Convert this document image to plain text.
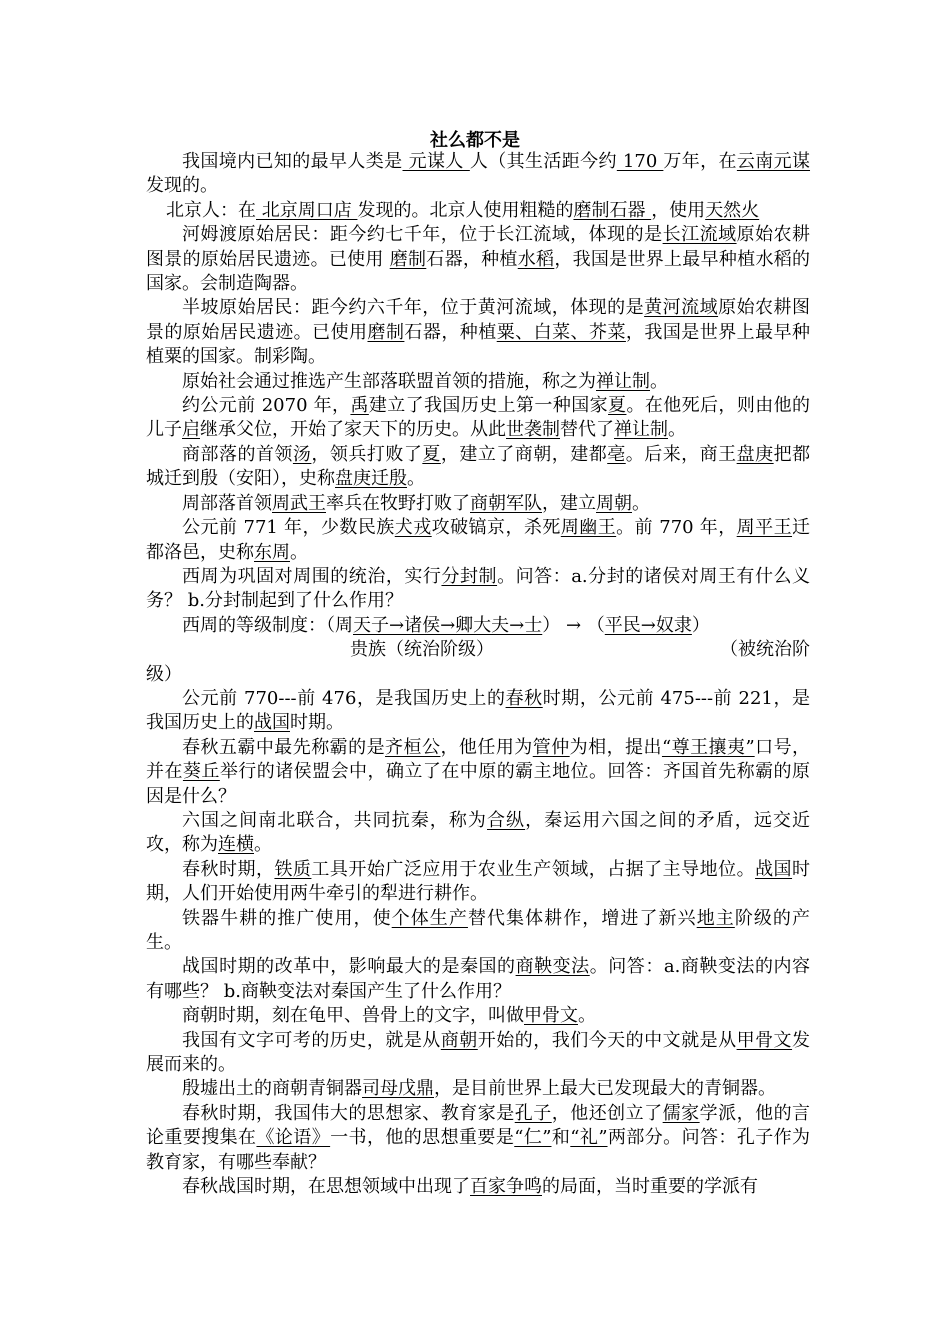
社么都不是

我国境内已知的最早人类是 元谋人 人（其生活距今约 170 万年，在云南元谋发现的。

北京人：在 北京周口店 发现的。北京人使用粗糙的磨制石器 ，使用天然火

河姆渡原始居民：距今约七千年，位于长江流域，体现的是长江流域原始农耕图景的原始居民遗迹。已使用 磨制石器，种植水稻，我国是世界上最早种植水稻的国家。会制造陶器。

半坡原始居民：距今约六千年，位于黄河流域，体现的是黄河流域原始农耕图景的原始居民遗迹。已使用磨制石器，种植粟、白菜、芥菜，我国是世界上最早种植粟的国家。制彩陶。

原始社会通过推选产生部落联盟首领的措施，称之为禅让制。

约公元前 2070 年，禹建立了我国历史上第一种国家夏。在他死后，则由他的儿子启继承父位，开始了家天下的历史。从此世袭制替代了禅让制。

商部落的首领汤，领兵打败了夏，建立了商朝，建都亳。后来，商王盘庚把都城迁到殷（安阳），史称盘庚迁殷。

周部落首领周武王率兵在牧野打败了商朝军队，建立周朝。

公元前 771 年，少数民族犬戎攻破镐京，杀死周幽王。前 770 年，周平王迁都洛邑，史称东周。

西周为巩固对周围的统治，实行分封制。问答：a.分封的诸侯对周王有什么义务？ b.分封制起到了什么作用？

西周的等级制度：（周天子→诸侯→卿大夫→士） → （平民→奴隶）

贵族（统治阶级）	（被统治阶

级）

公元前 770---前 476，是我国历史上的春秋时期，公元前 475---前 221，是我国历史上的战国时期。

春秋五霸中最先称霸的是齐桓公，他任用为管仲为相，提出“尊王攘夷”口号，并在葵丘举行的诸侯盟会中，确立了在中原的霸主地位。回答：齐国首先称霸的原因是什么？

六国之间南北联合，共同抗秦，称为合纵，秦运用六国之间的矛盾，远交近攻，称为连横。

春秋时期，铁质工具开始广泛应用于农业生产领域，占据了主导地位。战国时期，人们开始使用两牛牵引的犁进行耕作。

铁器牛耕的推广使用，使个体生产替代集体耕作，增进了新兴地主阶级的产生。

战国时期的改革中，影响最大的是秦国的商鞅变法。问答：a.商鞅变法的内容有哪些？ b.商鞅变法对秦国产生了什么作用？

商朝时期，刻在龟甲、兽骨上的文字，叫做甲骨文。

我国有文字可考的历史，就是从商朝开始的，我们今天的中文就是从甲骨文发展而来的。

殷墟出土的商朝青铜器司母戊鼎，是目前世界上最大已发现最大的青铜器。

春秋时期，我国伟大的思想家、教育家是孔子，他还创立了儒家学派，他的言论重要搜集在《论语》一书，他的思想重要是“仁”和“礼”两部分。问答：孔子作为教育家，有哪些奉献？

春秋战国时期，在思想领域中出现了百家争鸣的局面，当时重要的学派有
